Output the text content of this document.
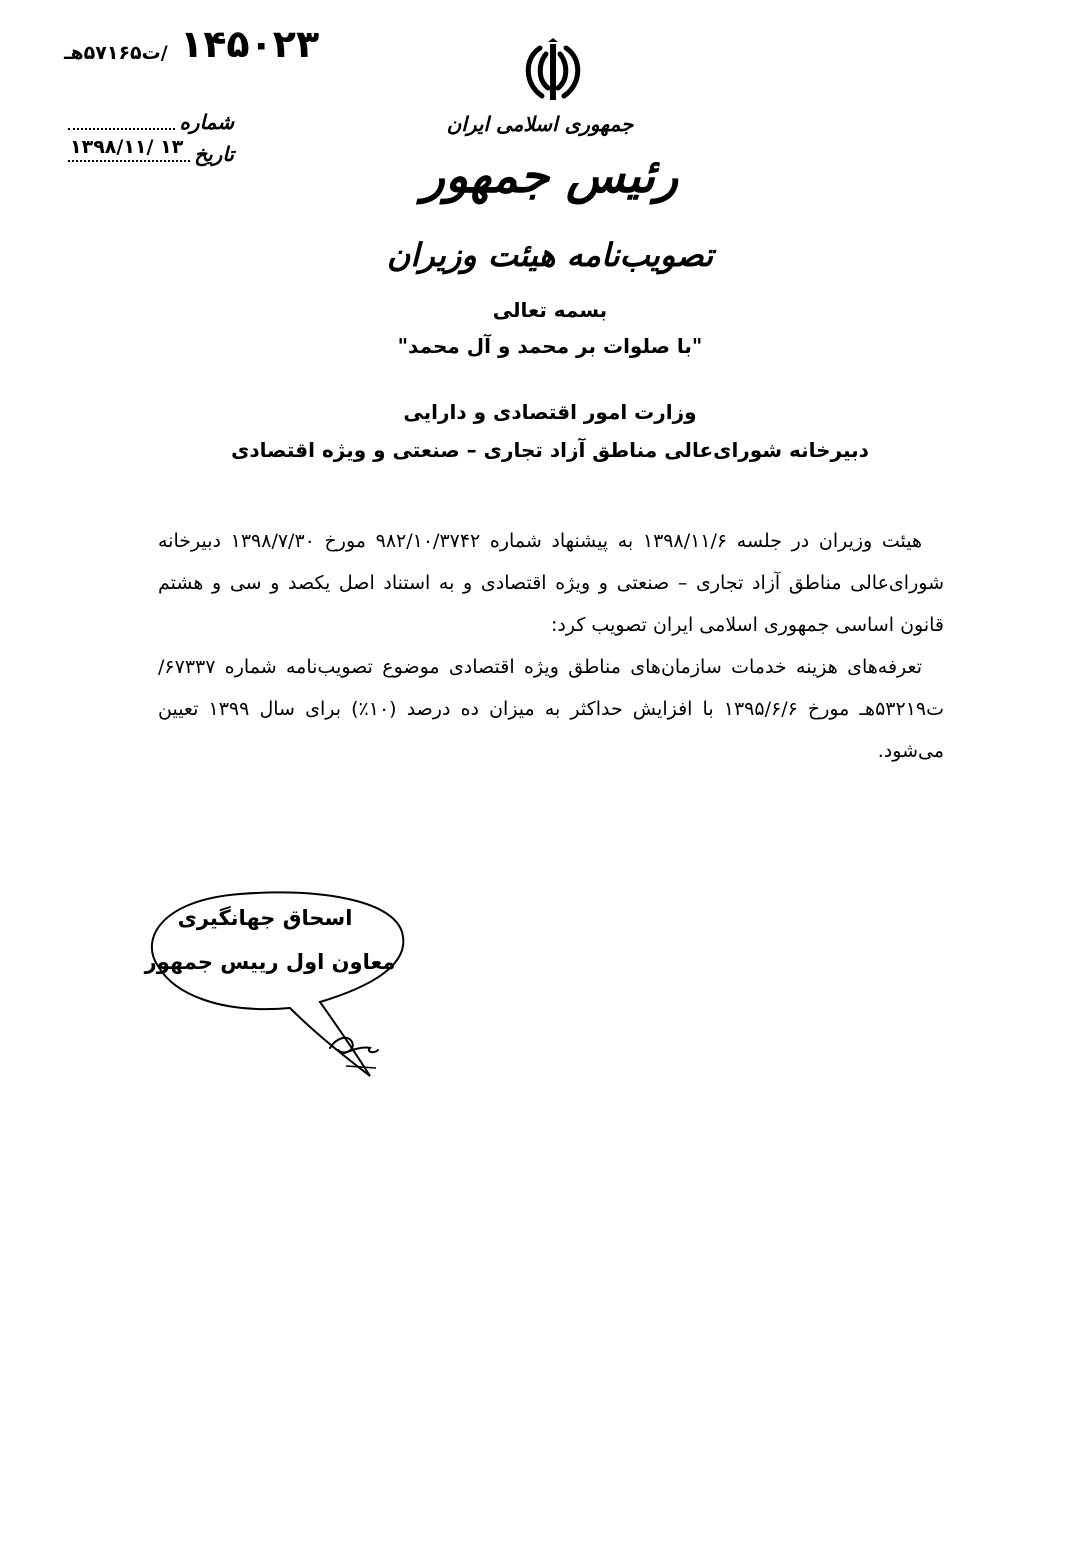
۱۴۵۰۲۳
/ت۵۷۱۶۵هـ
شماره
تاریخ
۱۳۹۸/۱۱/ ۱۳
جمهوری اسلامی ایران
رئیس جمهور
تصویب‌نامه هیئت وزیران
بسمه تعالی
"با صلوات بر محمد و آل محمد"
وزارت امور اقتصادی و دارایی
دبیرخانه شورای‌عالی مناطق آزاد تجاری – صنعتی و ویژه اقتصادی

هیئت وزیران در جلسه ۱۳۹۸/۱۱/۶ به پیشنهاد شماره ۹۸۲/۱۰/۳۷۴۲ مورخ ۱۳۹۸/۷/۳۰ دبیرخانه شورای‌عالی مناطق آزاد تجاری – صنعتی و ویژه اقتصادی و به استناد اصل یکصد و سی و هشتم قانون اساسی جمهوری اسلامی ایران تصویب کرد:

تعرفه‌های هزینه خدمات سازمان‌های مناطق ویژه اقتصادی موضوع تصویب‌نامه شماره ۶۷۳۳۷/ت۵۳۲۱۹هـ مورخ ۱۳۹۵/۶/۶ با افزایش حداکثر به میزان ده درصد (۱۰٪) برای سال ۱۳۹۹ تعیین می‌شود.

اسحاق جهانگیری
معاون اول رییس جمهور
